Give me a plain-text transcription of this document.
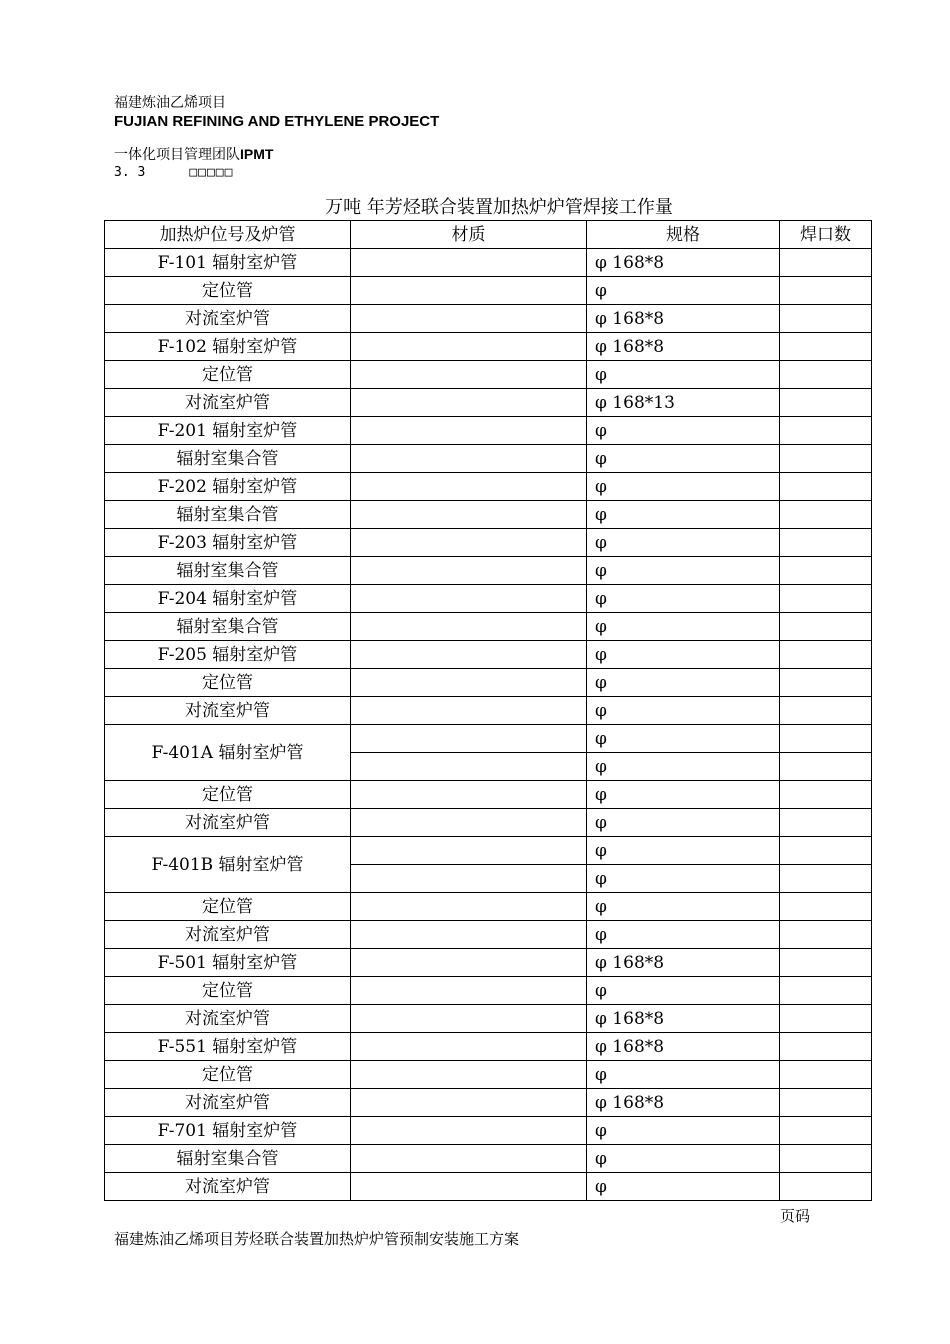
福建炼油乙烯项目
FUJIAN REFINING AND ETHYLENE PROJECT
一体化项目管理团队IPMT
3. 3	□□□□□
万吨 年芳烃联合装置加热炉炉管焊接工作量
加热炉位号及炉管	材质	规格	焊口数
F-101 辐射室炉管		φ 168*8	
定位管		φ	
对流室炉管		φ 168*8	
F-102 辐射室炉管		φ 168*8	
定位管		φ	
对流室炉管		φ 168*13	
F-201 辐射室炉管		φ	
辐射室集合管		φ	
F-202 辐射室炉管		φ	
辐射室集合管		φ	
F-203 辐射室炉管		φ	
辐射室集合管		φ	
F-204 辐射室炉管		φ	
辐射室集合管		φ	
F-205 辐射室炉管		φ	
定位管		φ	
对流室炉管		φ	
F-401A 辐射室炉管		φ	
		φ	
定位管		φ	
对流室炉管		φ	
F-401B 辐射室炉管		φ	
		φ	
定位管		φ	
对流室炉管		φ	
F-501 辐射室炉管		φ 168*8	
定位管		φ	
对流室炉管		φ 168*8	
F-551 辐射室炉管		φ 168*8	
定位管		φ	
对流室炉管		φ 168*8	
F-701 辐射室炉管		φ	
辐射室集合管		φ	
对流室炉管		φ	
页码
福建炼油乙烯项目芳烃联合装置加热炉炉管预制安装施工方案
